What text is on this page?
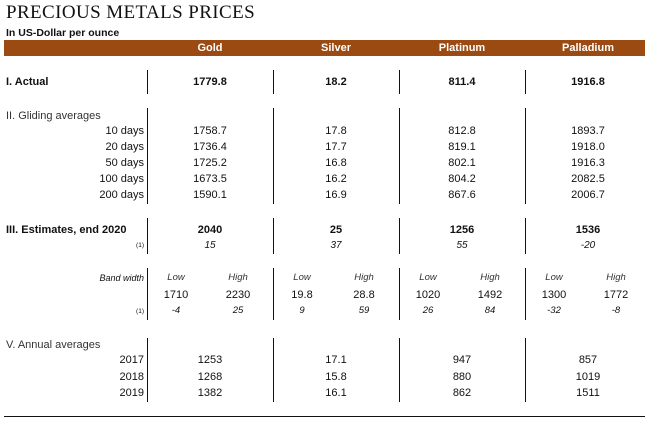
PRECIOUS METALS PRICES
In US-Dollar per ounce
Gold	Silver	Platinum	Palladium
I. Actual	1779.8	18.2	811.4	1916.8
II. Gliding averages
10 days	1758.7	17.8	812.8	1893.7
20 days	1736.4	17.7	819.1	1918.0
50 days	1725.2	16.8	802.1	1916.3
100 days	1673.5	16.2	804.2	2082.5
200 days	1590.1	16.9	867.6	2006.7
III. Estimates, end 2020	2040	25	1256	1536
(1)	15	37	55	-20
Band width	Low	High	Low	High	Low	High	Low	High
1710	2230	19.8	28.8	1020	1492	1300	1772
(1)	-4	25	9	59	26	84	-32	-8
V. Annual averages
2017	1253	17.1	947	857
2018	1268	15.8	880	1019
2019	1382	16.1	862	1511
